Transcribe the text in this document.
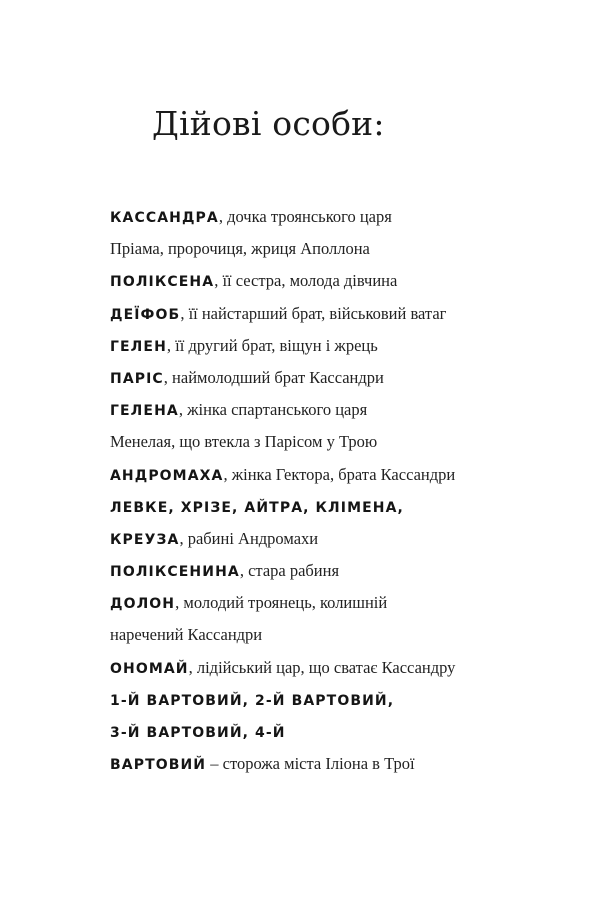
Дійові особи:
КАССАНДРА, дочка троянського царя
Пріама, пророчиця, жриця Аполлона
ПОЛІКСЕНА, її сестра, молода дівчина
ДЕЇФОБ, її найстарший брат, військовий ватаг
ГЕЛЕН, її другий брат, віщун і жрець
ПАРІС, наймолодший брат Кассандри
ГЕЛЕНА, жінка спартанського царя
Менелая, що втекла з Парісом у Трою
АНДРОМАХА, жінка Гектора, брата Кассандри
ЛЕВКЕ, ХРІЗЕ, АЙТРА, КЛІМЕНА,
КРЕУЗА, рабині Андромахи
ПОЛІКСЕНИНА, стара рабиня
ДОЛОН, молодий троянець, колишній
наречений Кассандри
ОНОМАЙ, лідійський цар, що сватає Кассандру
1-Й ВАРТОВИЙ, 2-Й ВАРТОВИЙ,
3-Й ВАРТОВИЙ, 4-Й
ВАРТОВИЙ – сторожа міста Іліона в Трої
